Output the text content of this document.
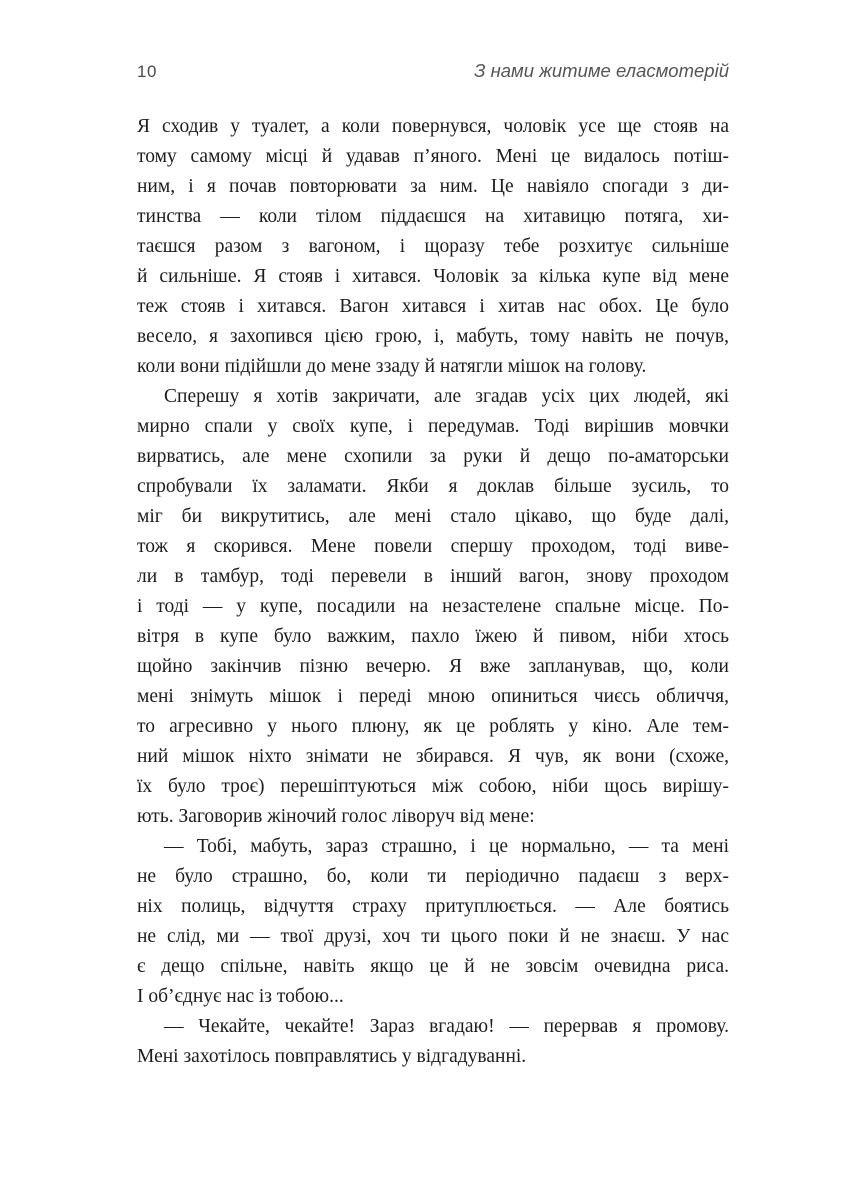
10	З нами житиме еласмотерій
Я сходив у туалет, а коли повернувся, чоловік усе ще стояв на
тому самому місці й удавав п’яного. Мені це видалось потіш-
ним, і я почав повторювати за ним. Це навіяло спогади з ди-
тинства — коли тілом піддаєшся на хитавицю потяга, хи-
таєшся разом з вагоном, і щоразу тебе розхитує сильніше
й сильніше. Я стояв і хитався. Чоловік за кілька купе від мене
теж стояв і хитався. Вагон хитався і хитав нас обох. Це було
весело, я захопився цією грою, і, мабуть, тому навіть не почув,
коли вони підійшли до мене ззаду й натягли мішок на голову.
Сперешу я хотів закричати, але згадав усіх цих людей, які
мирно спали у своїх купе, і передумав. Тоді вирішив мовчки
вирватись, але мене схопили за руки й дещо по-аматорськи
спробували їх заламати. Якби я доклав більше зусиль, то
міг би викрутитись, але мені стало цікаво, що буде далі,
тож я скорився. Мене повели спершу проходом, тоді виве-
ли в тамбур, тоді перевели в інший вагон, знову проходом
і тоді — у купе, посадили на незастелене спальне місце. По-
вітря в купе було важким, пахло їжею й пивом, ніби хтось
щойно закінчив пізню вечерю. Я вже запланував, що, коли
мені знімуть мішок і переді мною опиниться чиєсь обличчя,
то агресивно у нього плюну, як це роблять у кіно. Але тем-
ний мішок ніхто знімати не збирався. Я чув, як вони (схоже,
їх було троє) перешіптуються між собою, ніби щось вирішу-
ють. Заговорив жіночий голос ліворуч від мене:
— Тобі, мабуть, зараз страшно, і це нормально, — та мені
не було страшно, бо, коли ти періодично падаєш з верх-
ніх полиць, відчуття страху притуплюється. — Але боятись
не слід, ми — твої друзі, хоч ти цього поки й не знаєш. У нас
є дещо спільне, навіть якщо це й не зовсім очевидна риса.
І об’єднує нас із тобою...
— Чекайте, чекайте! Зараз вгадаю! — перервав я промову.
Мені захотілось повправлятись у відгадуванні.
